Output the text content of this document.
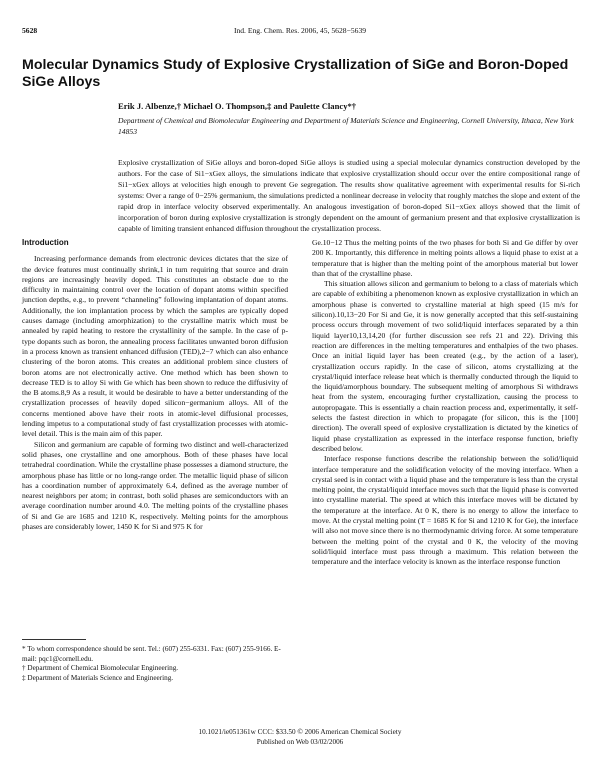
5628	Ind. Eng. Chem. Res. 2006, 45, 5628−5639
Molecular Dynamics Study of Explosive Crystallization of SiGe and Boron-Doped SiGe Alloys
Erik J. Albenze,† Michael O. Thompson,‡ and Paulette Clancy*†
Department of Chemical and Biomolecular Engineering and Department of Materials Science and Engineering, Cornell University, Ithaca, New York 14853
Explosive crystallization of SiGe alloys and boron-doped SiGe alloys is studied using a special molecular dynamics construction developed by the authors. For the case of Si1−xGex alloys, the simulations indicate that explosive crystallization should occur over the entire compositional range of Si1−xGex alloys at velocities high enough to prevent Ge segregation. The results show qualitative agreement with experimental results for Si-rich systems: Over a range of 0−25% germanium, the simulations predicted a nonlinear decrease in velocity that roughly matches the slope and extent of the rapid drop in interface velocity observed experimentally. An analogous investigation of boron-doped Si1−xGex alloys showed that the limit of incorporation of boron during explosive crystallization is strongly dependent on the amount of germanium present and that explosive crystallization is capable of limiting transient enhanced diffusion throughout the crystallization process.
Introduction

Increasing performance demands from electronic devices dictates that the size of the device features must continually shrink,1 in turn requiring that source and drain regions are increasingly heavily doped. This constitutes an obstacle due to the difficulty in maintaining control over the location of dopant atoms within specified junction depths, e.g., to prevent “channeling” following implantation of dopant atoms. Additionally, the ion implantation process by which the samples are typically doped causes damage (including amorphization) to the crystalline matrix which must be annealed by rapid heating to restore the crystallinity of the sample. In the case of p-type dopants such as boron, the annealing process facilitates unwanted boron diffusion in a process known as transient enhanced diffusion (TED),2−7 which can also enhance clustering of the boron atoms. This creates an additional problem since clusters of boron atoms are not electronically active. One method which has been shown to decrease TED is to alloy Si with Ge which has been shown to reduce the diffusivity of the B atoms.8,9 As a result, it would be desirable to have a better understanding of the crystallization processes of heavily doped silicon−germanium alloys. All of the concerns mentioned above have their roots in atomic-level diffusional processes, lending impetus to a computational study of fast crystallization processes with atomic-level detail. This is the main aim of this paper.

Silicon and germanium are capable of forming two distinct and well-characterized solid phases, one crystalline and one amorphous. Both of these phases have local tetrahedral coordination. While the crystalline phase possesses a diamond structure, the amorphous phase has little or no long-range order. The metallic liquid phase of silicon has a coordination number of approximately 6.4, defined as the average number of nearest neighbors per atom; in contrast, both solid phases are semiconductors with an average coordination number around 4.0. The melting points of the crystalline phases of Si and Ge are 1685 and 1210 K, respectively. Melting points for the amorphous phases are considerably lower, 1450 K for Si and 975 K for

Ge.10−12 Thus the melting points of the two phases for both Si and Ge differ by over 200 K. Importantly, this difference in melting points allows a liquid phase to exist at a temperature that is higher than the melting point of the amorphous material but lower than that of the crystalline phase.

This situation allows silicon and germanium to belong to a class of materials which are capable of exhibiting a phenomenon known as explosive crystallization in which an amorphous phase is converted to crystalline material at high speed (15 m/s for silicon).10,13−20 For Si and Ge, it is now generally accepted that this self-sustaining process occurs through movement of two solid/liquid interfaces separated by a thin liquid layer10,13,14,20 (for further discussion see refs 21 and 22). Driving this reaction are differences in the melting temperatures and enthalpies of the two phases. Once an initial liquid layer has been created (e.g., by the action of a laser), crystallization occurs rapidly. In the case of silicon, atoms crystallizing at the crystal/liquid interface release heat which is thermally conducted through the liquid to the liquid/amorphous boundary. The subsequent melting of amorphous Si withdraws heat from the system, encouraging further crystallization, causing the process to autopropagate. This is essentially a chain reaction process and, experimentally, it self-selects the fastest direction in which to propagate (for silicon, this is the [100] direction). The overall speed of explosive crystallization is dictated by the kinetics of liquid phase crystallization as expressed in the interface response function, briefly described below.

Interface response functions describe the relationship between the solid/liquid interface temperature and the solidification velocity of the moving interface. When a crystal seed is in contact with a liquid phase and the temperature is less than the crystal melting point, the crystal/liquid interface moves such that the liquid phase is converted into crystalline material. The speed at which this interface moves will be dictated by the temperature at the interface. At 0 K, there is no energy to allow the interface to move. At the crystal melting point (T = 1685 K for Si and 1210 K for Ge), the interface will also not move since there is no thermodynamic driving force. At some temperature between the melting point of the crystal and 0 K, the velocity of the moving solid/liquid interface must pass through a maximum. This relation between the temperature and the interface velocity is known as the interface response function

* To whom correspondence should be sent. Tel.: (607) 255-6331. Fax: (607) 255-9166. E-mail: pqc1@cornell.edu.
† Department of Chemical Biomolecular Engineering.
‡ Department of Materials Science and Engineering.
10.1021/ie051361w CCC: $33.50 © 2006 American Chemical Society
Published on Web 03/02/2006
